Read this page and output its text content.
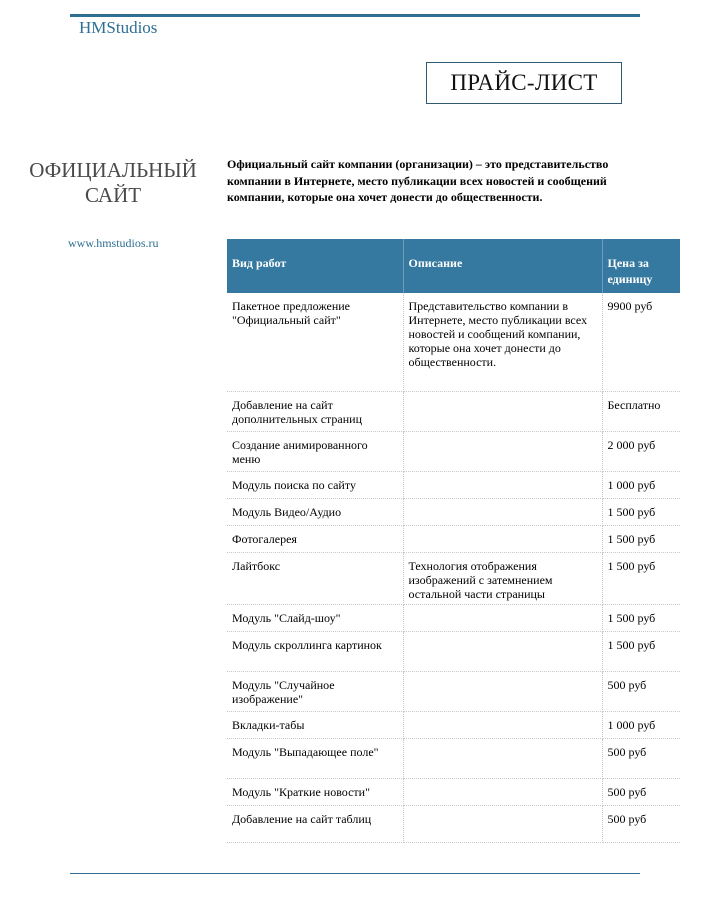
HMStudios
ПРАЙС-ЛИСТ
ОФИЦИАЛЬНЫЙ САЙТ
www.hmstudios.ru
Официальный сайт компании (организации) – это представительство компании в Интернете, место публикации всех новостей и сообщений компании, которые она хочет донести до общественности.
Вид работ	Описание	Цена за единицу
Пакетное предложение "Официальный сайт"	Представительство компании в Интернете, место публикации всех новостей и сообщений компании, которые она хочет донести до общественности.	9900 руб
Добавление на сайт дополнительных страниц		Бесплатно
Создание анимированного меню		2 000 руб
Модуль поиска по сайту		1 000 руб
Модуль Видео/Аудио		1 500 руб
Фотогалерея		1 500 руб
Лайтбокс	Технология отображения изображений с затемнением остальной части страницы	1 500 руб
Модуль "Слайд-шоу"		1 500 руб
Модуль скроллинга картинок		1 500 руб
Модуль "Случайное изображение"		500 руб
Вкладки-табы		1 000 руб
Модуль "Выпадающее поле"		500 руб
Модуль "Краткие новости"		500 руб
Добавление на сайт таблиц		500 руб
